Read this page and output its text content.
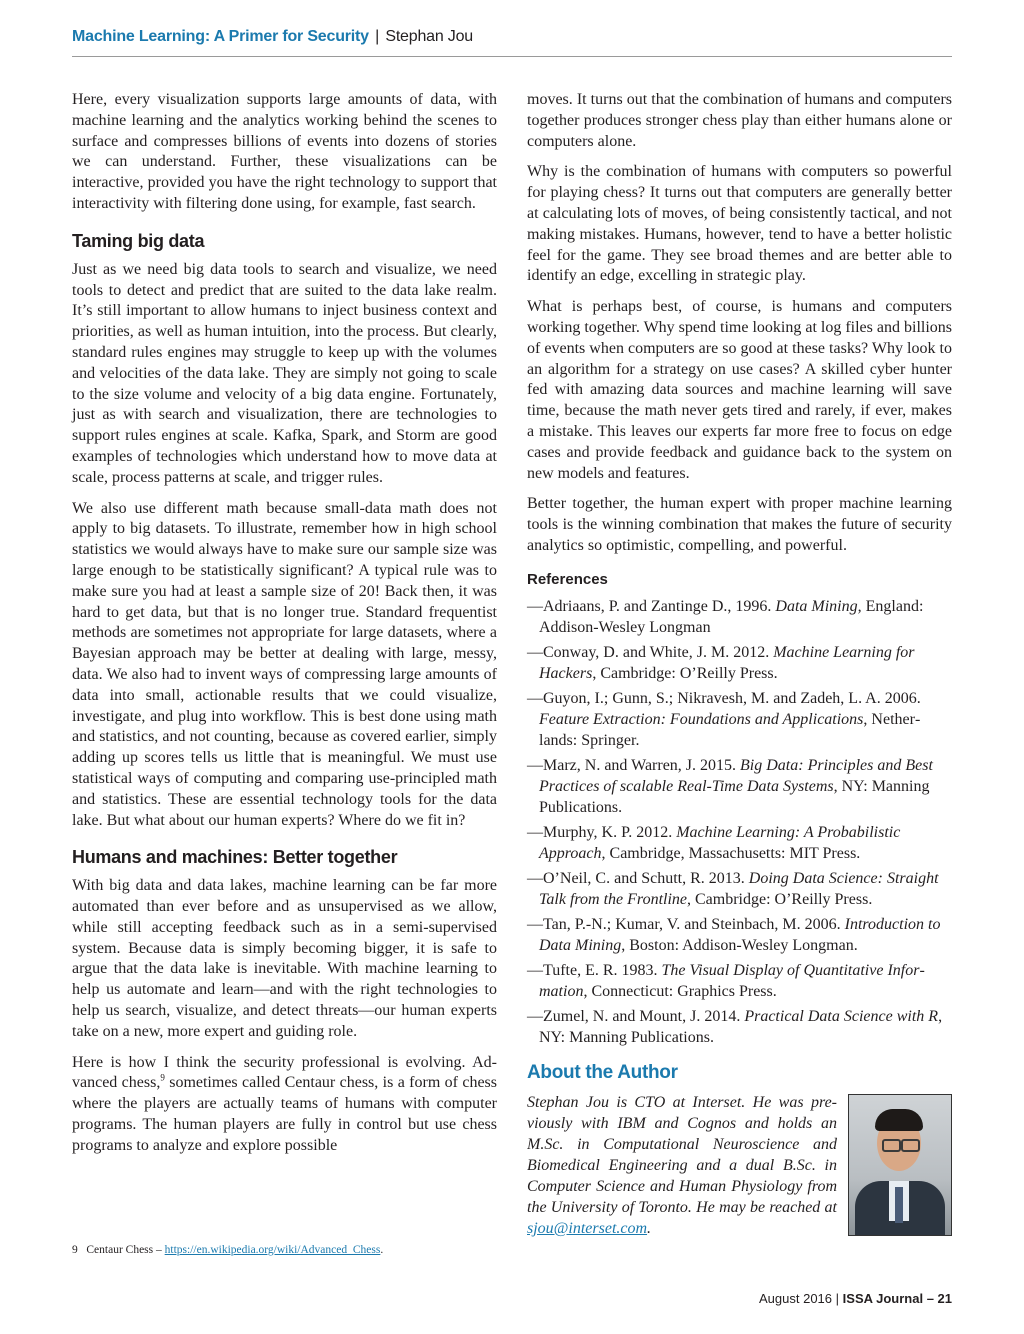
Machine Learning: A Primer for Security | Stephan Jou

Here, every visualization supports large amounts of data, with machine learning and the analytics working behind the scenes to surface and compresses billions of events into dozens of stories we can understand. Further, these visualizations can be interactive, provided you have the right technology to support that interactivity with filtering done using, for example, fast search.

Taming big data

Just as we need big data tools to search and visualize, we need tools to detect and predict that are suited to the data lake realm. It’s still important to allow humans to inject business context and priorities, as well as human intuition, into the process. But clearly, standard rules engines may struggle to keep up with the volumes and velocities of the data lake. They are simply not going to scale to the size volume and velocity of a big data engine. Fortunately, just as with search and visualization, there are technologies to support rules engines at scale. Kafka, Spark, and Storm are good examples of technologies which understand how to move data at scale, process patterns at scale, and trigger rules.

We also use different math because small-data math does not apply to big datasets. To illustrate, remember how in high school statistics we would always have to make sure our sample size was large enough to be statistically significant? A typical rule was to make sure you had at least a sample size of 20! Back then, it was hard to get data, but that is no longer true. Standard frequentist methods are sometimes not appropriate for large datasets, where a Bayesian approach may be better at dealing with large, messy, data. We also had to invent ways of compressing large amounts of data into small, actionable results that we could visualize, investigate, and plug into workflow. This is best done using math and statistics, and not counting, because as covered earlier, simply adding up scores tells us little that is meaningful. We must use statistical ways of computing and comparing use-principled math and statistics. These are essential technology tools for the data lake. But what about our human experts? Where do we fit in?

Humans and machines: Better together

With big data and data lakes, machine learning can be far more automated than ever before and as unsupervised as we allow, while still accepting feedback such as in a semi-supervised system. Because data is simply becoming bigger, it is safe to argue that the data lake is inevitable. With machine learning to help us automate and learn—and with the right technologies to help us search, visualize, and detect threats—our human experts take on a new, more expert and guiding role.

Here is how I think the security professional is evolving. Advanced chess,$^9$ sometimes called Centaur chess, is a form of chess where the players are actually teams of humans with computer programs. The human players are fully in control but use chess programs to analyze and explore possible

moves. It turns out that the combination of humans and computers together produces stronger chess play than either humans alone or computers alone.

Why is the combination of humans with computers so powerful for playing chess? It turns out that computers are generally better at calculating lots of moves, of being consistently tactical, and not making mistakes. Humans, however, tend to have a better holistic feel for the game. They see broad themes and are better able to identify an edge, excelling in strategic play.

What is perhaps best, of course, is humans and computers working together. Why spend time looking at log files and billions of events when computers are so good at these tasks? Why look to an algorithm for a strategy on use cases? A skilled cyber hunter fed with amazing data sources and machine learning will save time, because the math never gets tired and rarely, if ever, makes a mistake. This leaves our experts far more free to focus on edge cases and provide feedback and guidance back to the system on new models and features.

Better together, the human expert with proper machine learning tools is the winning combination that makes the future of security analytics so optimistic, compelling, and powerful.

References

—Adriaans, P. and Zantinge D., 1996. Data Mining, England: Addison-Wesley Longman

—Conway, D. and White, J. M. 2012. Machine Learning for Hackers, Cambridge: O’Reilly Press.

—Guyon, I.; Gunn, S.; Nikravesh, M. and Zadeh, L. A. 2006. Feature Extraction: Foundations and Applications, Netherlands: Springer.

—Marz, N. and Warren, J. 2015. Big Data: Principles and Best Practices of scalable Real-Time Data Systems, NY: Manning Publications.

—Murphy, K. P. 2012. Machine Learning: A Probabilistic Approach, Cambridge, Massachusetts: MIT Press.

—O’Neil, C. and Schutt, R. 2013. Doing Data Science: Straight Talk from the Frontline, Cambridge: O’Reilly Press.

—Tan, P.-N.; Kumar, V. and Steinbach, M. 2006. Introduction to Data Mining, Boston: Addison-Wesley Longman.

—Tufte, E. R. 1983. The Visual Display of Quantitative Information, Connecticut: Graphics Press.

—Zumel, N. and Mount, J. 2014. Practical Data Science with R, NY: Manning Publications.

About the Author

Stephan Jou is CTO at Interset. He was previously with IBM and Cognos and holds an M.Sc. in Computational Neuroscience and Biomedical Engineering and a dual B.Sc. in Computer Science and Human Physiology from the University of Toronto. He may be reached at sjou@interset.com.

9 Centaur Chess – https://en.wikipedia.org/wiki/Advanced_Chess.
August 2016 | ISSA Journal – 21
